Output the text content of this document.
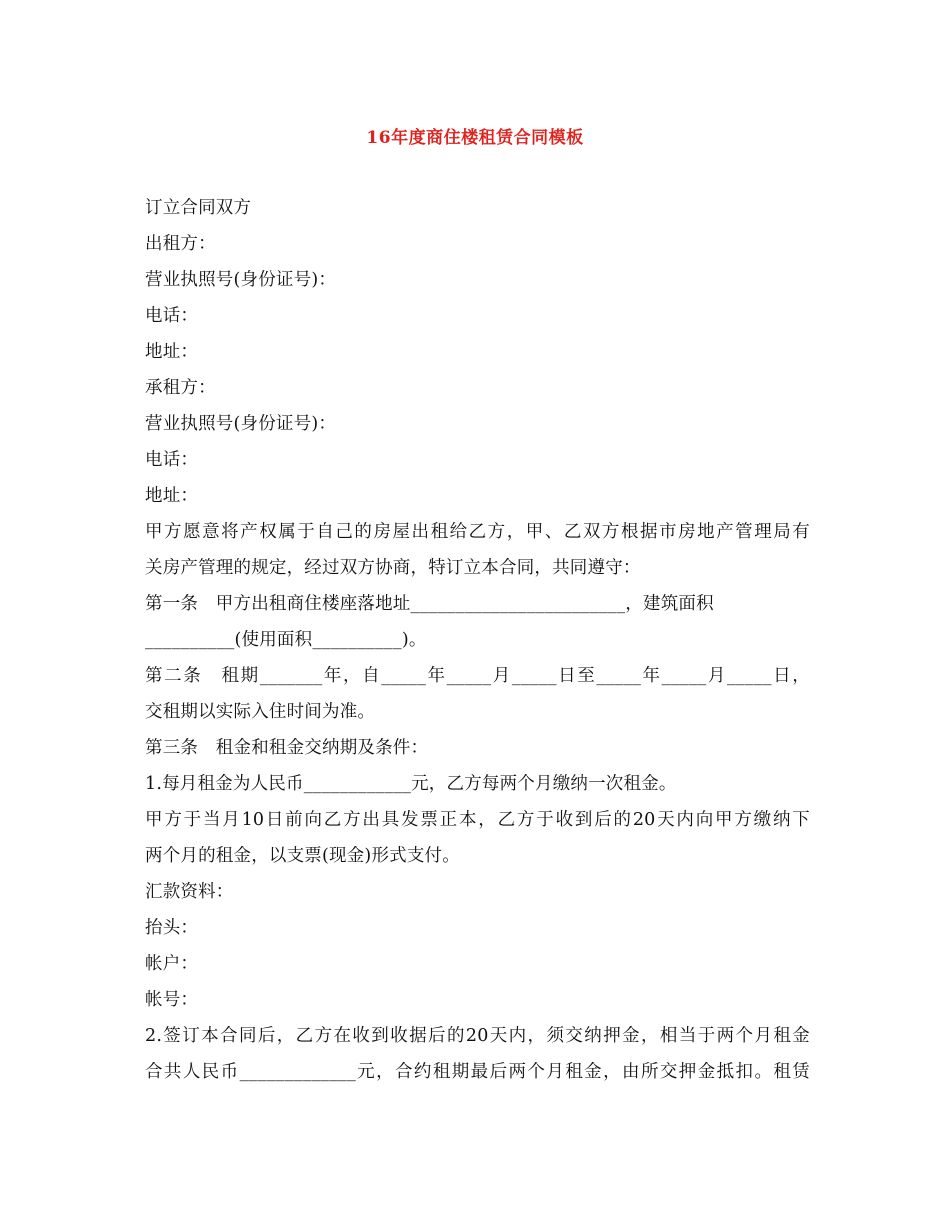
16年度商住楼租赁合同模板
订立合同双方
出租方：
营业执照号(身份证号)：
电话：
地址：
承租方：
营业执照号(身份证号)：
电话：
地址：
甲方愿意将产权属于自己的房屋出租给乙方，甲、乙双方根据市房地产管理局有
关房产管理的规定，经过双方协商，特订立本合同，共同遵守：
第一条　甲方出租商住楼座落地址________________________，建筑面积
__________(使用面积__________)。
第二条　租期_______年，自_____年_____月_____日至_____年_____月_____日，
交租期以实际入住时间为准。
第三条　租金和租金交纳期及条件：
1.每月租金为人民币____________元，乙方每两个月缴纳一次租金。
甲方于当月10日前向乙方出具发票正本，乙方于收到后的20天内向甲方缴纳下
两个月的租金，以支票(现金)形式支付。
汇款资料：
抬头：
帐户：
帐号：
2.签订本合同后，乙方在收到收据后的20天内，须交纳押金，相当于两个月租金
合共人民币_____________元，合约租期最后两个月租金，由所交押金抵扣。租赁
